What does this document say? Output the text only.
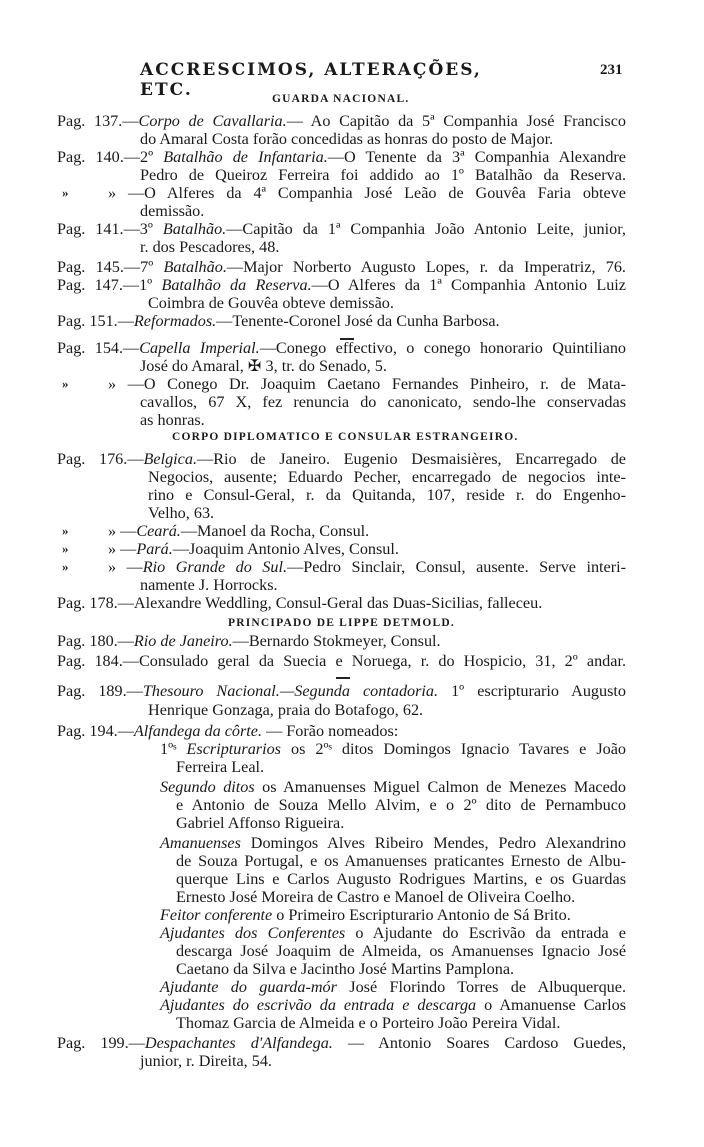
ACCRESCIMOS, ALTERAÇÕES, ETC.
231
GUARDA NACIONAL.
CORPO DIPLOMATICO E CONSULAR ESTRANGEIRO.
PRINCIPADO DE LIPPE DETMOLD.
Pag. 137.—Corpo de Cavallaria.— Ao Capitão da 5ª Companhia José Francisco
do Amaral Costa forão concedidas as honras do posto de Major.
Pag. 140.—2º Batalhão de Infantaria.—O Tenente da 3ª Companhia Alexandre
Pedro de Queiroz Ferreira foi addido ao 1º Batalhão da Reserva.
» » —O Alferes da 4ª Companhia José Leão de Gouvêa Faria obteve
demissão.
Pag. 141.—3º Batalhão.—Capitão da 1ª Companhia João Antonio Leite, junior,
r. dos Pescadores, 48.
Pag. 145.—7º Batalhão.—Major Norberto Augusto Lopes, r. da Imperatriz, 76.
Pag. 147.—1º Batalhão da Reserva.—O Alferes da 1ª Companhia Antonio Luiz
Coimbra de Gouvêa obteve demissão.
Pag. 151.—Reformados.—Tenente-Coronel José da Cunha Barbosa.
Pag. 154.—Capella Imperial.—Conego effectivo, o conego honorario Quintiliano
José do Amaral, ✠ 3, tr. do Senado, 5.
» » —O Conego Dr. Joaquim Caetano Fernandes Pinheiro, r. de Mata-
cavallos, 67 X, fez renuncia do canonicato, sendo-lhe conservadas
as honras.
Pag. 176.—Belgica.—Rio de Janeiro. Eugenio Desmaisières, Encarregado de
Negocios, ausente; Eduardo Pecher, encarregado de negocios inte-
rino e Consul-Geral, r. da Quitanda, 107, reside r. do Engenho-
Velho, 63.
» » —Ceará.—Manoel da Rocha, Consul.
» » —Pará.—Joaquim Antonio Alves, Consul.
» » —Rio Grande do Sul.—Pedro Sinclair, Consul, ausente. Serve interi-
namente J. Horrocks.
Pag. 178.—Alexandre Weddling, Consul-Geral das Duas-Sicilias, falleceu.
Pag. 180.—Rio de Janeiro.—Bernardo Stokmeyer, Consul.
Pag. 184.—Consulado geral da Suecia e Noruega, r. do Hospicio, 31, 2º andar.
Pag. 189.—Thesouro Nacional.—Segunda contadoria. 1º escripturario Augusto
Henrique Gonzaga, praia do Botafogo, 62.
Pag. 194.—Alfandega da côrte. — Forão nomeados:
1ºˢ Escripturarios os 2ºˢ ditos Domingos Ignacio Tavares e João
Ferreira Leal.
Segundo ditos os Amanuenses Miguel Calmon de Menezes Macedo
e Antonio de Souza Mello Alvim, e o 2º dito de Pernambuco
Gabriel Affonso Rigueira.
Amanuenses Domingos Alves Ribeiro Mendes, Pedro Alexandrino
de Souza Portugal, e os Amanuenses praticantes Ernesto de Albu-
querque Lins e Carlos Augusto Rodrigues Martins, e os Guardas
Ernesto José Moreira de Castro e Manoel de Oliveira Coelho.
Feitor conferente o Primeiro Escripturario Antonio de Sá Brito.
Ajudantes dos Conferentes o Ajudante do Escrivão da entrada e
descarga José Joaquim de Almeida, os Amanuenses Ignacio José
Caetano da Silva e Jacintho José Martins Pamplona.
Ajudante do guarda-mór José Florindo Torres de Albuquerque.
Ajudantes do escrivão da entrada e descarga o Amanuense Carlos
Thomaz Garcia de Almeida e o Porteiro João Pereira Vidal.
Pag. 199.—Despachantes d'Alfandega. — Antonio Soares Cardoso Guedes,
junior, r. Direita, 54.
